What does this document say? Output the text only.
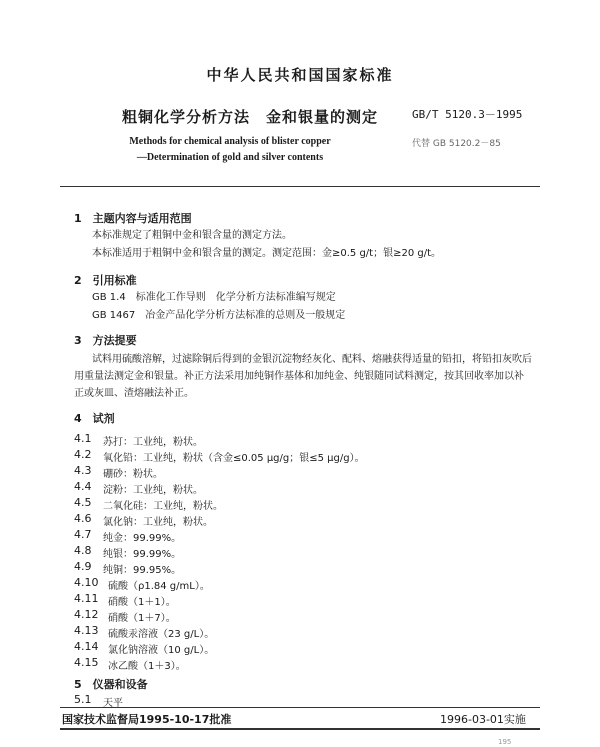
中华人民共和国国家标准
粗铜化学分析方法　金和银量的测定	GB/T 5120.3－1995
代替 GB 5120.2－85
Methods for chemical analysis of blister copper
—Determination of gold and silver contents
1　主题内容与适用范围
本标准规定了粗铜中金和银含量的测定方法。
本标准适用于粗铜中金和银含量的测定。测定范围：金≥0.5 g/t；银≥20 g/t。
2　引用标准
GB 1.4　标准化工作导则　化学分析方法标准编写规定
GB 1467　冶金产品化学分析方法标准的总则及一般规定
3　方法提要
试料用硫酸溶解，过滤除铜后得到的金银沉淀物经灰化、配料、熔融获得适量的铅扣，将铅扣灰吹后
用重量法测定金和银量。补正方法采用加纯铜作基体和加纯金、纯银随同试料测定，按其回收率加以补
正或灰皿、渣熔融法补正。
4　试剂
4.1 苏打：工业纯，粉状。
4.2 氧化铅：工业纯，粉状（含金≤0.05 μg/g；银≤5 μg/g）。
4.3 硼砂：粉状。
4.4 淀粉：工业纯，粉状。
4.5 二氧化硅：工业纯，粉状。
4.6 氯化钠：工业纯，粉状。
4.7 纯金：99.99%。
4.8 纯银：99.99%。
4.9 纯铜：99.95%。
4.10 硫酸（ρ1.84 g/mL）。
4.11 硝酸（1＋1）。
4.12 硝酸（1＋7）。
4.13 硫酸汞溶液（23 g/L）。
4.14 氯化钠溶液（10 g/L）。
4.15 冰乙酸（1＋3）。
5　仪器和设备
5.1 天平
国家技术监督局1995-10-17批准	1996-03-01实施
195
